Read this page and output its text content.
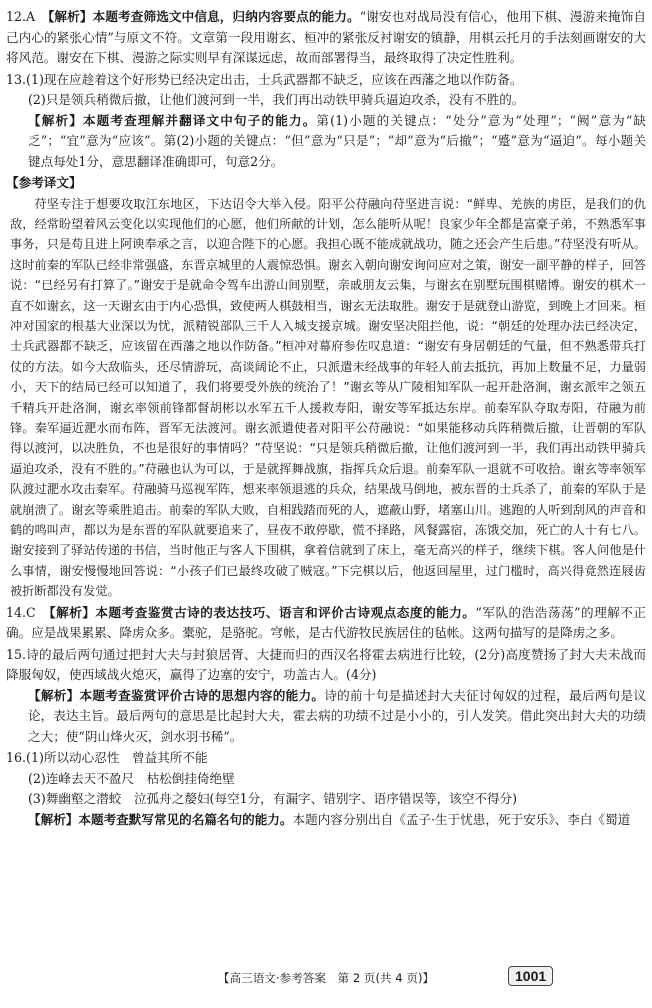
12.A　 【解析】本题考查筛选文中信息，归纳内容要点的能力。“谢安也对战局没有信心，他用下棋、漫游来掩饰自己内心的紧张心情”与原文不符。文章第一段用谢玄、桓冲的紧张反衬谢安的镇静，用棋云托月的手法刻画谢安的大将风范。谢安在下棋、漫游之际实则早有深谋远虑，故而部署得当，最终取得了决定性胜利。

13.(1)现在应趁着这个好形势已经决定出击，士兵武器都不缺乏，应该在西藩之地以作防备。

(2)只是领兵稍微后撤，让他们渡河到一半，我们再出动铁甲骑兵逼迫攻杀，没有不胜的。

【解析】本题考查理解并翻译文中句子的能力。第(1)小题的关键点：“处分”意为“处理”；“阙”意为“缺乏”；“宜”意为“应该”。第(2)小题的关键点：“但”意为“只是”；“却”意为“后撤”；“蹙”意为“逼迫”。每小题关键点每处1分，意思翻译准确即可，句意2分。

【参考译文】

苻坚专注于想要攻取江东地区，下达诏令大举入侵。阳平公苻融向苻坚进言说：“鲜卑、羌族的虏臣，是我们的仇敌，经常盼望着风云变化以实现他们的心愿，他们所献的计划，怎么能听从呢！良家少年全都是富豪子弟，不熟悉军事事务，只是苟且进上阿谀奉承之言，以迎合陛下的心愿。我担心既不能成就战功，随之还会产生后患。”苻坚没有听从。这时前秦的军队已经非常强盛，东晋京城里的人震惊恐惧。谢玄入朝向谢安询问应对之策，谢安一副平静的样子，回答说：“已经另有打算了。”谢安于是就命令驾车出游山间别墅，亲戚朋友云集，与谢玄在别墅玩围棋赌博。谢安的棋术一直不如谢玄，这一天谢玄由于内心恐惧，致使两人棋鼓相当，谢玄无法取胜。谢安于是就登山游览，到晚上才回来。桓冲对国家的根基大业深以为忧，派精锐部队三千人入城支援京城。谢安坚决阻拦他，说：“朝廷的处理办法已经决定，士兵武器都不缺乏，应该留在西藩之地以作防备。”桓冲对幕府参佐叹息道：“谢安有身居朝廷的气量，但不熟悉带兵打仗的方法。如今大敌临头，还尽情游玩，高谈阔论不止，只派遣未经战事的年轻人前去抵抗，再加上数量不足，力量弱小，天下的结局已经可以知道了，我们将要受外族的统治了！”谢玄等从广陵相知军队一起开赴洛涧，谢玄派牢之领五千精兵开赴洛涧，谢玄率领前锋都督胡彬以水军五千人援救寿阳，谢安等军抵达东岸。前秦军队夺取寿阳，苻融为前锋。秦军逼近淝水而布阵，晋军无法渡河。谢玄派遣使者对阳平公苻融说：“如果能移动兵阵稍微后撤，让晋朝的军队得以渡河，以决胜负，不也是很好的事情吗？”苻坚说：“只是领兵稍微后撤，让他们渡河到一半，我们再出动铁甲骑兵逼迫攻杀，没有不胜的。”苻融也认为可以，于是就挥舞战旗，指挥兵众后退。前秦军队一退就不可收拾。谢玄等率领军队渡过淝水攻击秦军。苻融骑马巡视军阵，想来率领退逃的兵众，结果战马倒地，被东晋的士兵杀了，前秦的军队于是就崩溃了。谢玄等乘胜追击。前秦的军队大败，自相践踏而死的人，遮蔽山野，堵塞山川。逃跑的人听到刮风的声音和鹤的鸣叫声，都以为是东晋的军队就要追来了，昼夜不敢停歇，慌不择路，风餐露宿，冻饿交加，死亡的人十有七八。谢安接到了驿站传递的书信，当时他正与客人下围棋，拿着信就到了床上，毫无高兴的样子，继续下棋。客人问他是什么事情，谢安慢慢地回答说：“小孩子们已最终攻破了贼寇。”下完棋以后，他返回屋里，过门槛时，高兴得竟然连屐齿被折断都没有发觉。

14.C　 【解析】本题考查鉴赏古诗的表达技巧、语言和评价古诗观点态度的能力。“军队的浩浩荡荡”的理解不正确。应是战果累累、降虏众多。橐驼，是骆驼。穹帐，是古代游牧民族居住的毡帐。这两句描写的是降虏之多。

15.诗的最后两句通过把封大夫与封狼居胥、大捷而归的西汉名将霍去病进行比较，(2分)高度赞扬了封大夫未战而降服匈奴，使西域战火熄灭，赢得了边塞的安宁，功盖古人。(4分)

【解析】本题考查鉴赏评价古诗的思想内容的能力。诗的前十句是描述封大夫征讨匈奴的过程，最后两句是议论，表达主旨。最后两句的意思是比起封大夫，霍去病的功绩不过是小小的，引人发笑。借此突出封大夫的功绩之大；使“阴山烽火灭，剑水羽书稀”。

16.(1)所以动心忍性　曾益其所不能

(2)连峰去天不盈尺　枯松倒挂倚绝壁

(3)舞幽壑之潜蛟　泣孤舟之嫠妇(每空1分，有漏字、错别字、语序错误等，该空不得分)

【解析】本题考查默写常见的名篇名句的能力。本题内容分别出自《孟子·生于忧患，死于安乐》、李白《蜀道

【高三语文·参考答案　第 2 页(共 4 页)】	1001
